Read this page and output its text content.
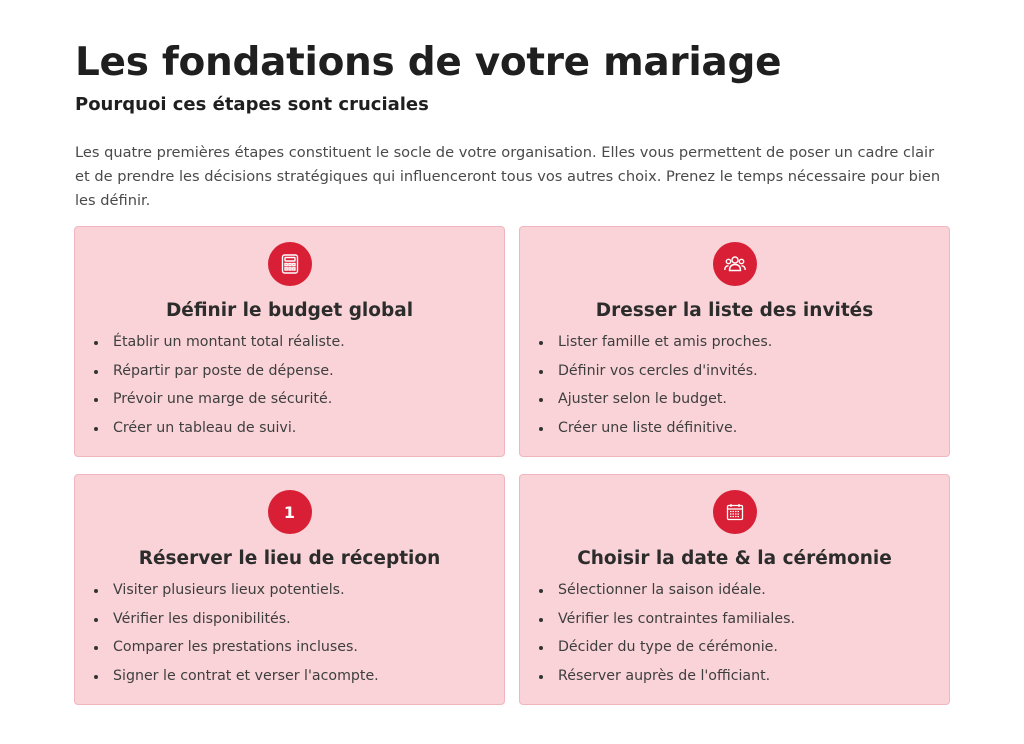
Les fondations de votre mariage
Pourquoi ces étapes sont cruciales

Les quatre premières étapes constituent le socle de votre organisation. Elles vous permettent de poser un cadre clair et de prendre les décisions stratégiques qui influenceront tous vos autres choix. Prenez le temps nécessaire pour bien les définir.

Définir le budget global
Établir un montant total réaliste.
Répartir par poste de dépense.
Prévoir une marge de sécurité.
Créer un tableau de suivi.
Dresser la liste des invités
Lister famille et amis proches.
Définir vos cercles d'invités.
Ajuster selon le budget.
Créer une liste définitive.
1
Réserver le lieu de réception
Visiter plusieurs lieux potentiels.
Vérifier les disponibilités.
Comparer les prestations incluses.
Signer le contrat et verser l'acompte.
Choisir la date & la cérémonie
Sélectionner la saison idéale.
Vérifier les contraintes familiales.
Décider du type de cérémonie.
Réserver auprès de l'officiant.
